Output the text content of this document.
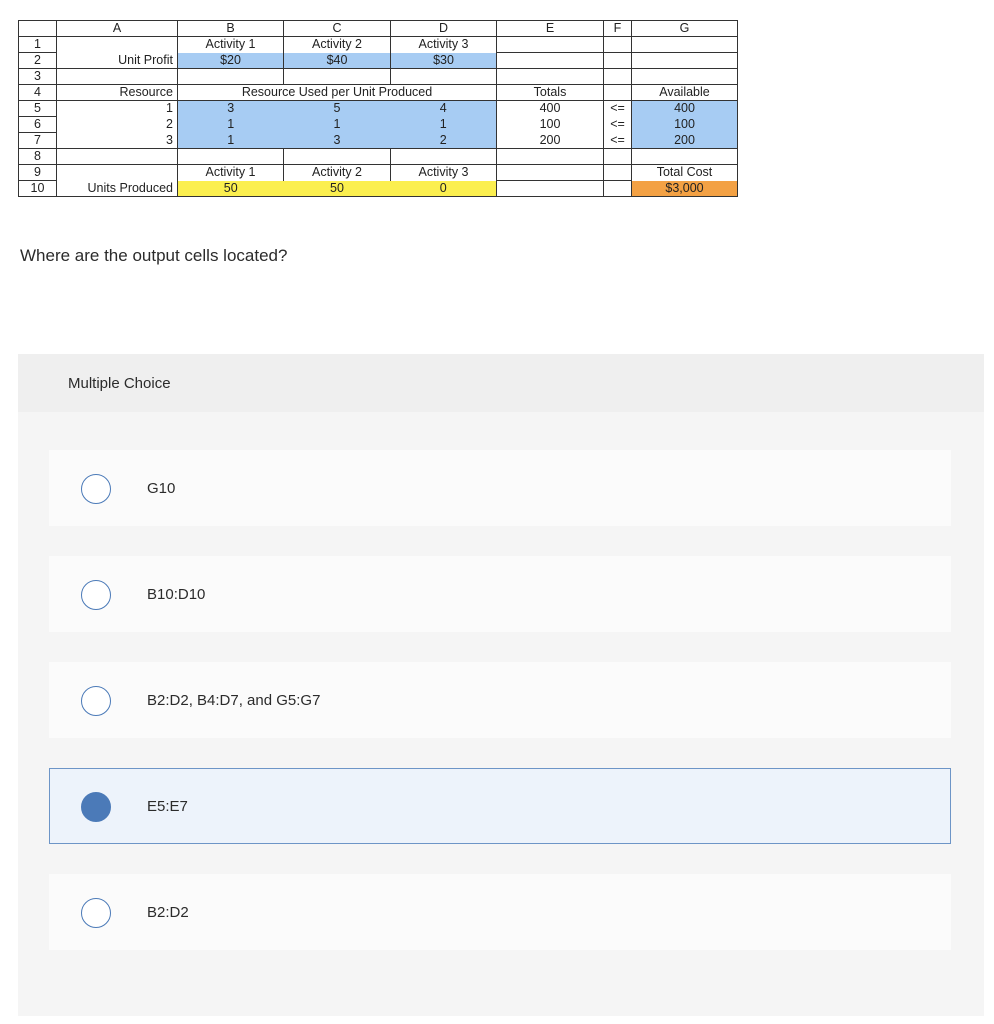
	A	B	C	D	E	F	G
1		Activity 1	Activity 2	Activity 3			
2	Unit Profit	$20	$40	$30			
3							
4	Resource	Resource Used per Unit Produced			Totals		Available
5	1	3	5	4	400	<=	400
6	2	1	1	1	100	<=	100
7	3	1	3	2	200	<=	200
8							
9		Activity 1	Activity 2	Activity 3			Total Cost
10	Units Produced	50	50	0			$3,000
Where are the output cells located?
Multiple Choice
G10
B10:D10
B2:D2, B4:D7, and G5:G7
E5:E7
B2:D2
